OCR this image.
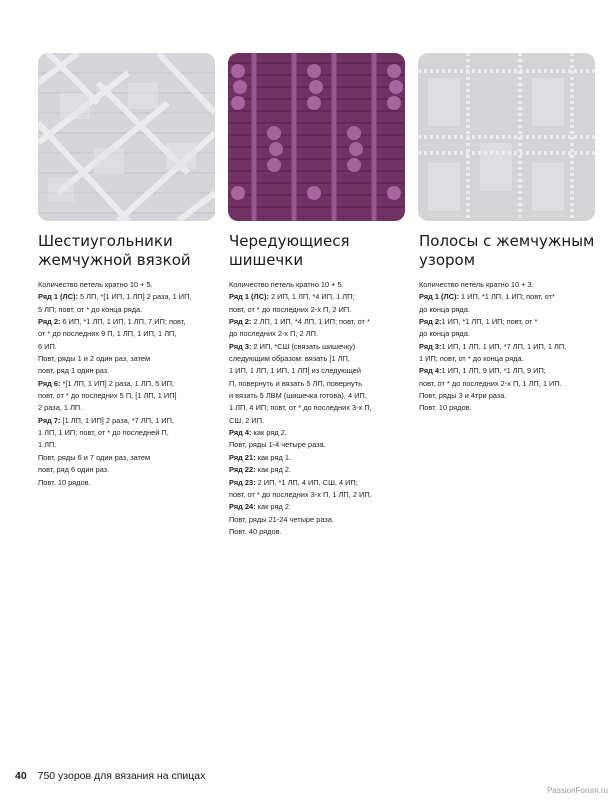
Шестиугольники
жемчужной вязкой
Количество петель кратно 10 + 5.
Ряд 1 (ЛС): 5 ЛП, *[1 ИП, 1 ЛП] 2 раза, 1 ИП,
5 ЛП; повт, от * до конца ряда.
Ряд 2: 6 ИП, *1 ЛП, 1 ИП, 1 ЛП, 7 ИП; повт,
от * до последних 9 П, 1 ЛП, 1 ИП, 1 ЛП,
6 ИП.
Повт, ряды 1 и 2 один раз, затем
повт, ряд 1 один раз.
Ряд 6: *[1 ЛП, 1 ИП] 2 раза, 1 ЛП, 5 ИП;
повт, от * до последних 5 П, [1 ЛП, 1 ИП]
2 раза, 1 ЛП.
Ряд 7: [1 ЛП, 1 ИП] 2 раза, *7 ЛП, 1 ИП,
1 ЛП, 1 ИП; повт, от * до последней П,
1 ЛП.
Повт, ряды 6 и 7 один раз, затем
повт, ряд 6 один раз.
Повт. 10 рядов.
Чередующиеся
шишечки
Количество петель кратно 10 + 5.
Ряд 1 (ЛС): 2 ИП, 1 ЛП, *4 ИП, 1 ЛП;
повт, от * до последних 2-х П, 2 ИП.
Ряд 2: 2 ЛП, 1 ИП, *4 ЛП, 1 ИП; повт, от *
до последних 2-х П, 2 ЛП.
Ряд 3: 2 ИП, *СШ (связать шишечку)
следующим образом: вязать [1 ЛП,
1 ИП, 1 ЛП, 1 ИП, 1 ЛП] из следующей
П, повернуть и вязать 5 ЛП, повернуть
и вязать 5 ЛВМ (шишечка готова), 4 ИП,
1 ЛП, 4 ИП; повт, от * до последних 3-х П,
СШ, 2 ИП.
Ряд 4: как ряд 2.
Повт, ряды 1-4 четыре раза.
Ряд 21: как ряд 1.
Ряд 22: как ряд 2.
Ряд 23: 2 ИП, *1 ЛП, 4 ИП, СШ, 4 ИП;
повт, от * до последних 3-х П, 1 ЛП, 2 ИП.
Ряд 24: как ряд 2.
Повт, ряды 21-24 четыре раза.
Повт. 40 рядов.
Полосы с жемчужным
узором
Количество петель кратно 10 + 3.
Ряд 1 (ЛС): 1 ИП, *1 ЛП, 1 ИП; повт, от*
до конца ряда.
Ряд 2:1 ИП, *1 ЛП, 1 ИП; повт, от *
до конца ряда.
Ряд 3:1 ИП, 1 ЛП, 1 ИП, *7 ЛП, 1 ИП, 1 ЛП,
1 ИП; повт, от * до конца ряда.
Ряд 4:1 ИП, 1 ЛП, 9 ИП, *1 ЛП, 9 ИП;
повт, от * до последних 2-х П, 1 ЛП, 1 ИП.
Повт, ряды 3 и 4три раза.
Повт. 10 рядов.
40 750 узоров для вязания на спицах
PassionForum.ru
